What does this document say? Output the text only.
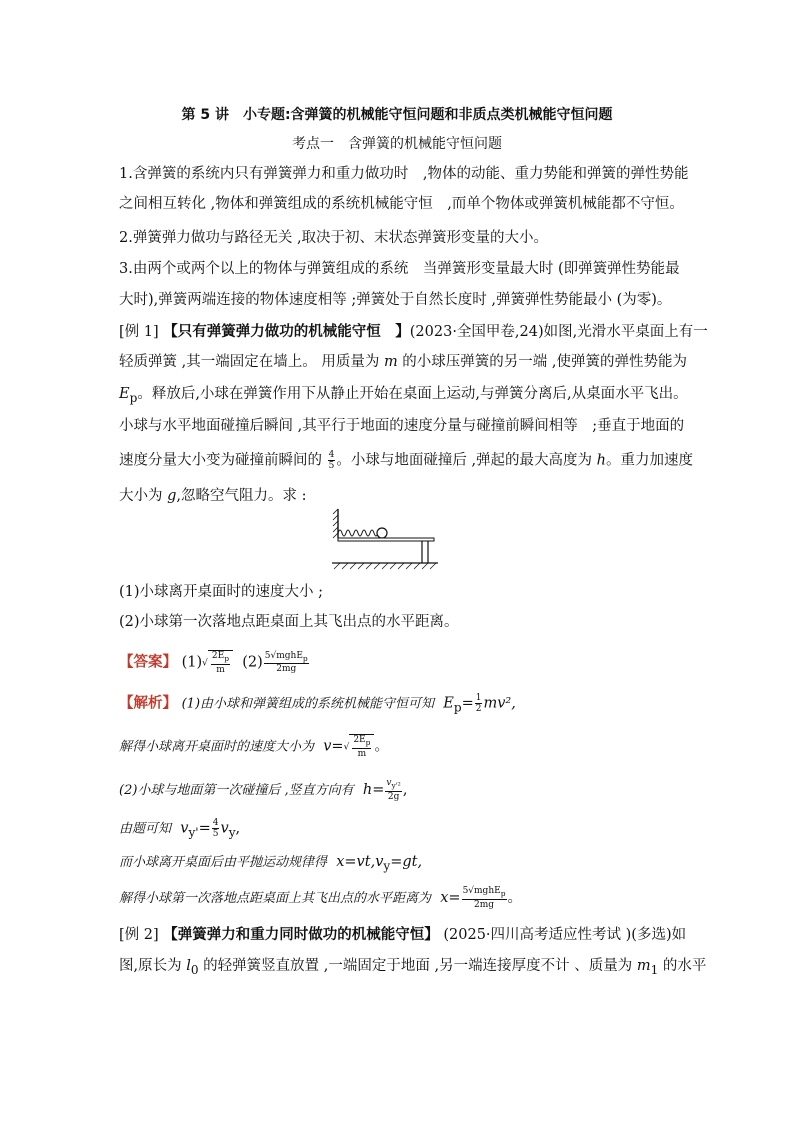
第 5 讲　小专题:含弹簧的机械能守恒问题和非质点类机械能守恒问题
考点一　含弹簧的机械能守恒问题
1.含弹簧的系统内只有弹簧弹力和重力做功时　,物体的动能、重力势能和弹簧的弹性势能
之间相互转化 ,物体和弹簧组成的系统机械能守恒　,而单个物体或弹簧机械能都不守恒。
2.弹簧弹力做功与路径无关 ,取决于初、末状态弹簧形变量的大小。
3.由两个或两个以上的物体与弹簧组成的系统　当弹簧形变量最大时 (即弹簧弹性势能最
大时),弹簧两端连接的物体速度相等 ;弹簧处于自然长度时 ,弹簧弹性势能最小 (为零)。
[例 1] 【只有弹簧弹力做功的机械能守恒　】(2023·全国甲卷,24)如图,光滑水平桌面上有一
轻质弹簧 ,其一端固定在墙上。 用质量为 m 的小球压弹簧的另一端 ,使弹簧的弹性势能为
$E_p$。释放后,小球在弹簧作用下从静止开始在桌面上运动,与弹簧分离后,从桌面水平飞出。
小球与水平地面碰撞后瞬间 ,其平行于地面的速度分量与碰撞前瞬间相等　;垂直于地面的
速度分量大小变为碰撞前瞬间的 $\frac{4}{5}$ 。小球与地面碰撞后 ,弹起的最大高度为 h。重力加速度
大小为 g,忽略空气阻力。求 :
(1)小球离开桌面时的速度大小 ;
(2)小球第一次落地点距桌面上其飞出点的水平距离。
【答案】 $(1)√ \frac{2E_p}{m} (2) \frac{5√mghE_p}{2mg}$
【解析】 (1)由小球和弹簧组成的系统机械能守恒可知 $E_p= \frac{1}{2} mv^2$,
解得小球离开桌面时的速度大小为 $v=√ \frac{2E_p}{m}$ 。
(2)小球与地面第一次碰撞后 ,竖直方向有 $h= \frac{v_{y'^2}}{2g}$ ,
由题可知 $v_{y'}= \frac{4}{5} v_y$,
而小球离开桌面后由平抛运动规律得 $x=vt,v_y=gt$,
解得小球第一次落地点距桌面上其飞出点的水平距离为 $x= \frac{5√mghE_p}{2mg}$ 。
[例 2] 【弹簧弹力和重力同时做功的机械能守恒】 (2025·四川高考适应性考试 )(多选)如
图,原长为 $l_0$ 的轻弹簧竖直放置 ,一端固定于地面 ,另一端连接厚度不计 、质量为 $m_1$ 的水平
